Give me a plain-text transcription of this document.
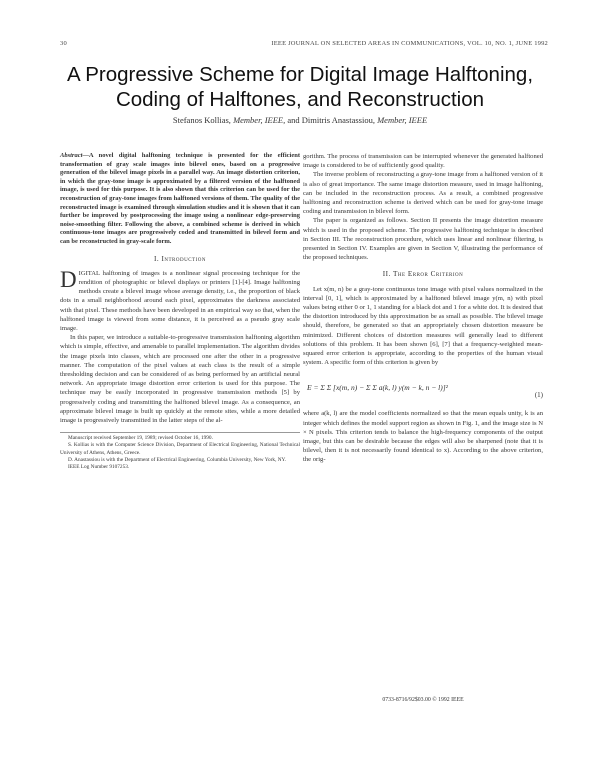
30	IEEE JOURNAL ON SELECTED AREAS IN COMMUNICATIONS, VOL. 10, NO. 1, JUNE 1992
A Progressive Scheme for Digital Image Halftoning,
Coding of Halftones, and Reconstruction
Stefanos Kollias, Member, IEEE, and Dimitris Anastassiou, Member, IEEE
Abstract—A novel digital halftoning technique is presented for the efficient transformation of gray scale images into bilevel ones, based on a progressive generation of the bilevel image pixels in a parallel way. An image distortion criterion, in which the gray-tone image is approximated by a filtered version of the halftoned image, is used for this purpose. It is also shown that this criterion can be used for the reconstruction of gray-tone images from halftoned versions of them. The quality of the reconstructed image is examined through simulation studies and it is shown that it can further be improved by postprocessing the image using a nonlinear edge-preserving noise-smoothing filter. Following the above, a combined scheme is derived in which continuous-tone images are progressively coded and transmitted in bilevel form and can be reconstructed in gray-scale form.
I. Introduction

DIGITAL halftoning of images is a nonlinear signal processing technique for the rendition of photographic or bilevel displays or printers [1]-[4]. Image halftoning methods create a bilevel image whose average density, i.e., the proportion of black dots in a small neighborhood around each pixel, approximates the darkness associated with that pixel. These methods have been developed in an empirical way so that, when the halftoned image is viewed from some distance, it is perceived as a pseudo gray scale image.

In this paper, we introduce a suitable-to-progressive transmission halftoning algorithm which is simple, effective, and amenable to parallel implementation. The algorithm divides the image pixels into classes, which are processed one after the other in a progressive manner. The computation of the pixel values at each class is the result of a simple thresholding decision and can be considered of as being performed by an artificial neural network. An appropriate image distortion error criterion is used for this purpose. The technique may be easily incorporated in progressive transmission methods [5] by progressively coding and transmitting the halftoned bilevel image. As a consequence, an approximate bilevel image is built up quickly at the remote sites, while a more detailed image is progressively transmitted in the latter steps of the al-

Manuscript received September 19, 1989; revised October 16, 1990.
S. Kollias is with the Computer Science Division, Department of Electrical Engineering, National Technical University of Athens, Athens, Greece.
D. Anastassiou is with the Department of Electrical Engineering, Columbia University, New York, NY.
IEEE Log Number 9107253.

gorithm. The process of transmission can be interrupted whenever the generated halftoned image is considered to be of sufficiently good quality.

The inverse problem of reconstructing a gray-tone image from a halftoned version of it is also of great importance. The same image distortion measure, used in image halftoning, can be included in the reconstruction process. As a result, a combined progressive halftoning and reconstruction scheme is derived which can be used for gray-tone image coding and transmission in bilevel form.

The paper is organized as follows. Section II presents the image distortion measure which is used in the proposed scheme. The progressive halftoning technique is described in Section III. The reconstruction procedure, which uses linear and nonlinear filtering, is presented in Section IV. Examples are given in Section V, illustrating the performance of the proposed techniques.

II. The Error Criterion

Let x(m, n) be a gray-tone continuous tone image with pixel values normalized in the interval [0, 1], which is approximated by a halftoned bilevel image y(m, n) with pixel values being either 0 or 1, 1 standing for a black dot and 1 for a white dot. It is desired that the distortion introduced by this approximation be as small as possible. The bilevel image should, therefore, be generated so that an appropriately chosen distortion measure be minimized. Different choices of distortion measures will generally lead to different solutions of this problem. It has been shown [6], [7] that a frequency-weighted mean-squared error criterion is appropriate, according to the properties of the human visual system. A specific form of this criterion is given by

E = Σ Σ [x(m, n) − Σ Σ a(k, l) y(m − k, n − l)]²
(1)

where a(k, l) are the model coefficients normalized so that the mean equals unity, k is an integer which defines the model support region as shown in Fig. 1, and the image size is N × N pixels. This criterion tends to balance the high-frequency components of the output image, but this can be desirable because the edges will also be sharpened (note that it is bilevel, then it is not necessarily found identical to x). According to the above criterion, the orig-

0733-8716/92$03.00 © 1992 IEEE
